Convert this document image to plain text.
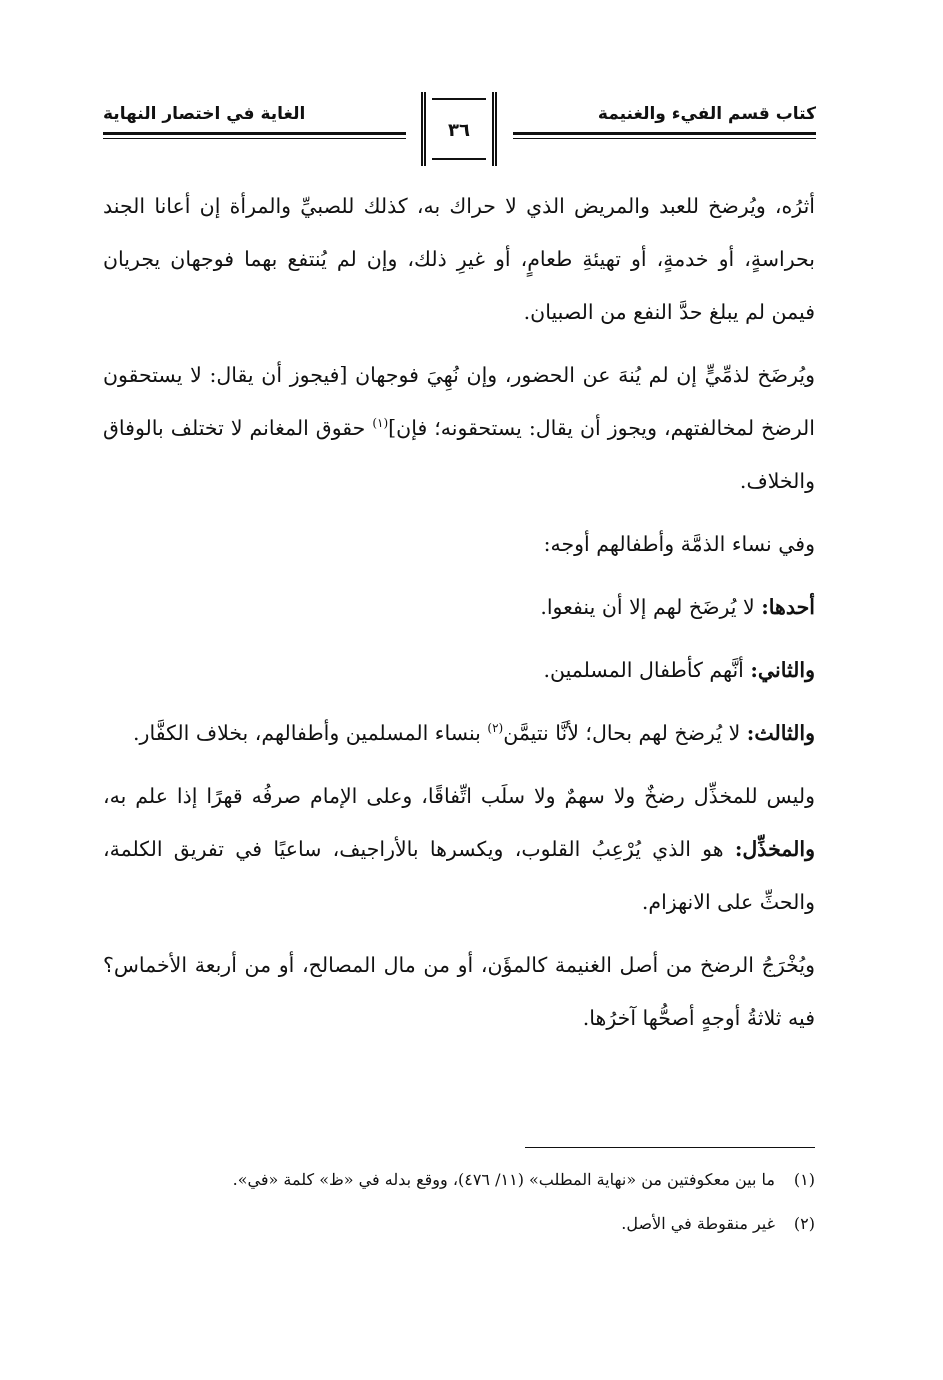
كتاب قسم الفيء والغنيمة
الغاية في اختصار النهاية
٣٦

أثرُه، ويُرضخ للعبد والمريض الذي لا حراك به، كذلك للصبيِّ والمرأة إن أعانا الجند بحراسةٍ، أو خدمةٍ، أو تهيئةِ طعامٍ، أو غيرِ ذلك، وإن لم يُنتفع بهما فوجهان يجريان فيمن لم يبلغ حدَّ النفع من الصبيان.

ويُرضَخ لذمِّيٍّ إن لم يُنهَ عن الحضور، وإن نُهِيَ فوجهان [فيجوز أن يقال: لا يستحقون الرضخ لمخالفتهم، ويجوز أن يقال: يستحقونه؛ فإن]$^{(١)}$ حقوق المغانم لا تختلف بالوفاق والخلاف.

وفي نساء الذمَّة وأطفالهم أوجه:

أحدها: لا يُرضَخ لهم إلا أن ينفعوا.

والثاني: أنَّهم كأطفال المسلمين.

والثالث: لا يُرضخ لهم بحال؛ لأنَّا نتيمَّن$^{(٢)}$ بنساء المسلمين وأطفالهم، بخلاف الكفَّار.

وليس للمخذِّل رضخٌ ولا سهمٌ ولا سلَب اتِّفاقًا، وعلى الإمام صرفُه قهرًا إذا علم به، والمخذِّل: هو الذي يُرْعِبُ القلوب، ويكسرها بالأراجيف، ساعيًا في تفريق الكلمة، والحثِّ على الانهزام.

ويُخْرَجُ الرضخ من أصل الغنيمة كالمؤَن، أو من مال المصالح، أو من أربعة الأخماس؟ فيه ثلاثةُ أوجهٍ أصحُّها آخرُها.

(١)ما بين معكوفتين من «نهاية المطلب» (١١/ ٤٧٦)، ووقع بدله في «ظ» كلمة «في».

(٢)غير منقوطة في الأصل.
